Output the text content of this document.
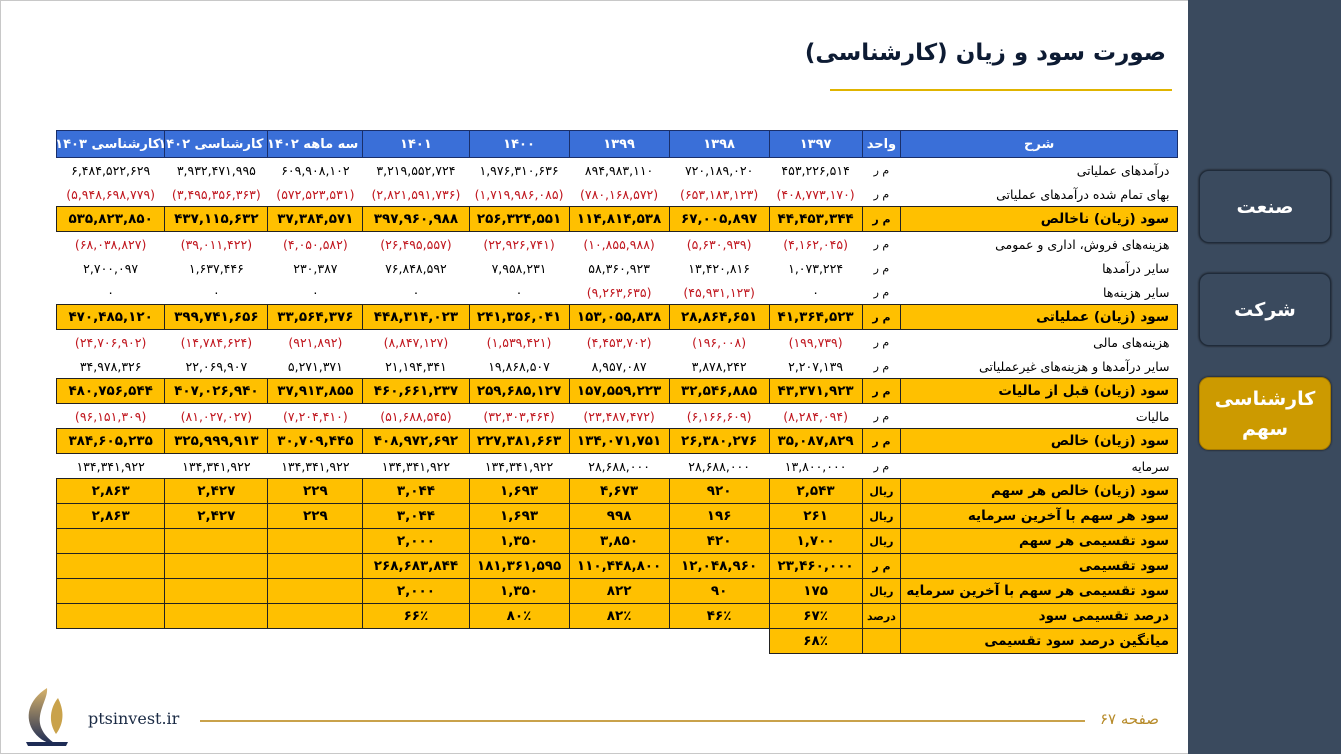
صورت سود و زیان (کارشناسی)
صنعت
شرکت
کارشناسی
سهم
شرح	واحد	۱۳۹۷	۱۳۹۸	۱۳۹۹	۱۴۰۰	۱۴۰۱	سه ماهه ۱۴۰۲	کارشناسی ۱۴۰۲	کارشناسی ۱۴۰۳
درآمدهای عملیاتی	م ر	۴۵۳,۲۲۶,۵۱۴	۷۲۰,۱۸۹,۰۲۰	۸۹۴,۹۸۳,۱۱۰	۱,۹۷۶,۳۱۰,۶۳۶	۳,۲۱۹,۵۵۲,۷۲۴	۶۰۹,۹۰۸,۱۰۲	۳,۹۳۲,۴۷۱,۹۹۵	۶,۴۸۴,۵۲۲,۶۲۹
بهای تمام شده درآمدهای عملیاتی	م ر	(۴۰۸,۷۷۳,۱۷۰)	(۶۵۳,۱۸۳,۱۲۳)	(۷۸۰,۱۶۸,۵۷۲)	(۱,۷۱۹,۹۸۶,۰۸۵)	(۲,۸۲۱,۵۹۱,۷۳۶)	(۵۷۲,۵۲۳,۵۳۱)	(۳,۴۹۵,۳۵۶,۳۶۳)	(۵,۹۴۸,۶۹۸,۷۷۹)
سود (زیان) ناخالص	م ر	۴۴,۴۵۳,۳۴۴	۶۷,۰۰۵,۸۹۷	۱۱۴,۸۱۴,۵۳۸	۲۵۶,۳۲۴,۵۵۱	۳۹۷,۹۶۰,۹۸۸	۳۷,۳۸۴,۵۷۱	۴۳۷,۱۱۵,۶۳۲	۵۳۵,۸۲۳,۸۵۰
هزینه‌های فروش، اداری و عمومی	م ر	(۴,۱۶۲,۰۴۵)	(۵,۶۳۰,۹۳۹)	(۱۰,۸۵۵,۹۸۸)	(۲۲,۹۲۶,۷۴۱)	(۲۶,۴۹۵,۵۵۷)	(۴,۰۵۰,۵۸۲)	(۳۹,۰۱۱,۴۲۲)	(۶۸,۰۳۸,۸۲۷)
سایر درآمدها	م ر	۱,۰۷۳,۲۲۴	۱۳,۴۲۰,۸۱۶	۵۸,۳۶۰,۹۲۳	۷,۹۵۸,۲۳۱	۷۶,۸۴۸,۵۹۲	۲۳۰,۳۸۷	۱,۶۳۷,۴۴۶	۲,۷۰۰,۰۹۷
سایر هزینه‌ها	م ر	۰	(۴۵,۹۳۱,۱۲۳)	(۹,۲۶۳,۶۳۵)	۰	۰	۰	۰	۰
سود (زیان) عملیاتی	م ر	۴۱,۳۶۴,۵۲۳	۲۸,۸۶۴,۶۵۱	۱۵۳,۰۵۵,۸۳۸	۲۴۱,۳۵۶,۰۴۱	۴۴۸,۳۱۴,۰۲۳	۳۳,۵۶۴,۳۷۶	۳۹۹,۷۴۱,۶۵۶	۴۷۰,۴۸۵,۱۲۰
هزینه‌های مالی	م ر	(۱۹۹,۷۳۹)	(۱۹۶,۰۰۸)	(۴,۴۵۳,۷۰۲)	(۱,۵۳۹,۴۲۱)	(۸,۸۴۷,۱۲۷)	(۹۲۱,۸۹۲)	(۱۴,۷۸۴,۶۲۴)	(۲۴,۷۰۶,۹۰۲)
سایر درآمدها و هزینه‌های غیرعملیاتی	م ر	۲,۲۰۷,۱۳۹	۳,۸۷۸,۲۴۲	۸,۹۵۷,۰۸۷	۱۹,۸۶۸,۵۰۷	۲۱,۱۹۴,۳۴۱	۵,۲۷۱,۳۷۱	۲۲,۰۶۹,۹۰۷	۳۴,۹۷۸,۳۲۶
سود (زیان) قبل از مالیات	م ر	۴۳,۳۷۱,۹۲۳	۳۲,۵۴۶,۸۸۵	۱۵۷,۵۵۹,۲۲۳	۲۵۹,۶۸۵,۱۲۷	۴۶۰,۶۶۱,۲۳۷	۳۷,۹۱۳,۸۵۵	۴۰۷,۰۲۶,۹۴۰	۴۸۰,۷۵۶,۵۴۴
مالیات	م ر	(۸,۲۸۴,۰۹۴)	(۶,۱۶۶,۶۰۹)	(۲۳,۴۸۷,۴۷۲)	(۳۲,۳۰۳,۴۶۴)	(۵۱,۶۸۸,۵۴۵)	(۷,۲۰۴,۴۱۰)	(۸۱,۰۲۷,۰۲۷)	(۹۶,۱۵۱,۳۰۹)
سود (زیان) خالص	م ر	۳۵,۰۸۷,۸۲۹	۲۶,۳۸۰,۲۷۶	۱۳۴,۰۷۱,۷۵۱	۲۲۷,۳۸۱,۶۶۳	۴۰۸,۹۷۲,۶۹۲	۳۰,۷۰۹,۴۴۵	۳۲۵,۹۹۹,۹۱۳	۳۸۴,۶۰۵,۲۳۵
سرمایه	م ر	۱۳,۸۰۰,۰۰۰	۲۸,۶۸۸,۰۰۰	۲۸,۶۸۸,۰۰۰	۱۳۴,۳۴۱,۹۲۲	۱۳۴,۳۴۱,۹۲۲	۱۳۴,۳۴۱,۹۲۲	۱۳۴,۳۴۱,۹۲۲	۱۳۴,۳۴۱,۹۲۲
سود (زیان) خالص هر سهم	ریال	۲,۵۴۳	۹۲۰	۴,۶۷۳	۱,۶۹۳	۳,۰۴۴	۲۲۹	۲,۴۲۷	۲,۸۶۳
سود هر سهم با آخرین سرمایه	ریال	۲۶۱	۱۹۶	۹۹۸	۱,۶۹۳	۳,۰۴۴	۲۲۹	۲,۴۲۷	۲,۸۶۳
سود تقسیمی هر سهم	ریال	۱,۷۰۰	۴۲۰	۳,۸۵۰	۱,۳۵۰	۲,۰۰۰			
سود تقسیمی	م ر	۲۳,۴۶۰,۰۰۰	۱۲,۰۴۸,۹۶۰	۱۱۰,۴۴۸,۸۰۰	۱۸۱,۳۶۱,۵۹۵	۲۶۸,۶۸۳,۸۴۴			
سود تقسیمی هر سهم با آخرین سرمایه	ریال	۱۷۵	۹۰	۸۲۲	۱,۳۵۰	۲,۰۰۰			
درصد تقسیمی سود	درصد	۶۷٪	۴۶٪	۸۲٪	۸۰٪	۶۶٪			
میانگین درصد سود تقسیمی		۶۸٪							
صفحه ۶۷
ptsinvest.ir
